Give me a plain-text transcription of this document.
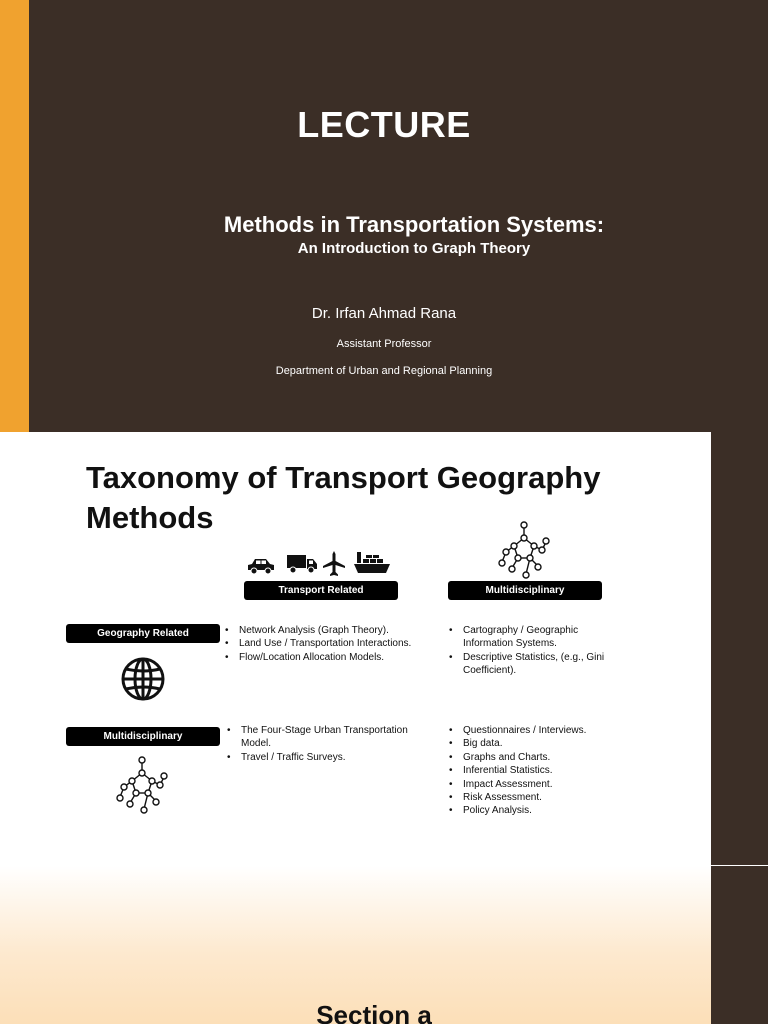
LECTURE
Methods in Transportation Systems:
An Introduction to Graph Theory
Dr. Irfan Ahmad Rana
Assistant Professor
Department of Urban and Regional Planning
Taxonomy of Transport Geography Methods
Transport Related	Multidisciplinary
Geography Related
Multidisciplinary
• Network Analysis (Graph Theory).
• Land Use / Transportation Interactions.
• Flow/Location Allocation Models.
• Cartography / Geographic Information Systems.
• Descriptive Statistics, (e.g., Gini Coefficient).
• The Four-Stage Urban Transportation Model.
• Travel / Traffic Surveys.
• Questionnaires / Interviews.
• Big data.
• Graphs and Charts.
• Inferential Statistics.
• Impact Assessment.
• Risk Assessment.
• Policy Analysis.
Section a
